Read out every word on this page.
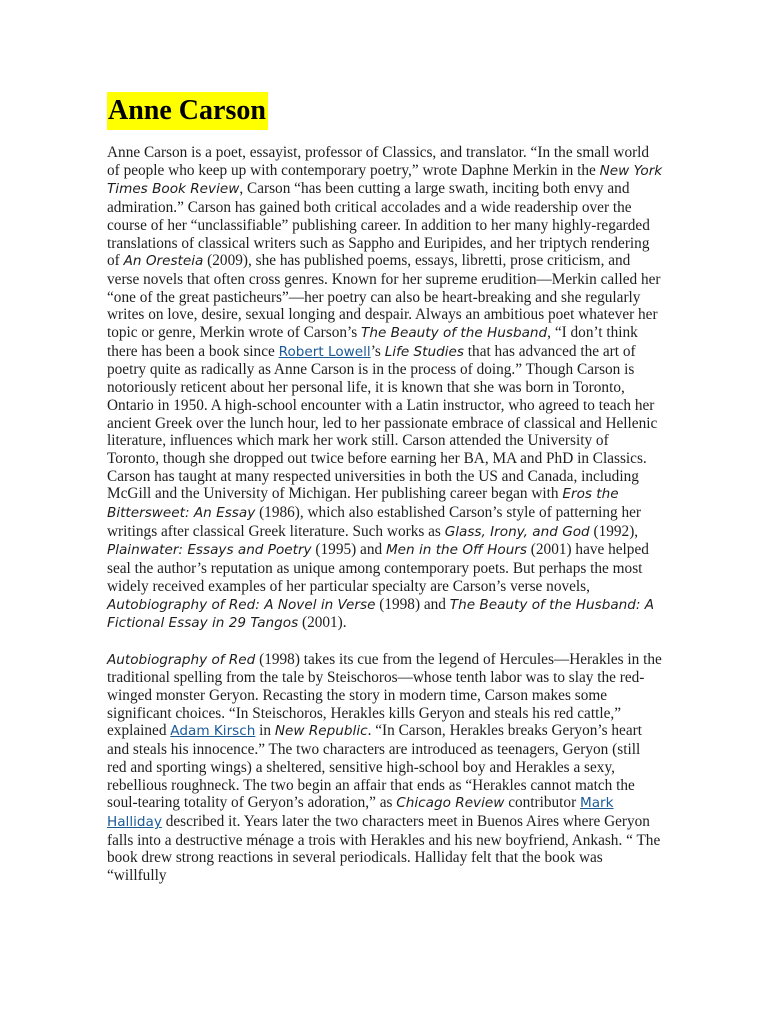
Anne Carson

Anne Carson is a poet, essayist, professor of Classics, and translator. “In the small world of people who keep up with contemporary poetry,” wrote Daphne Merkin in the New York Times Book Review, Carson “has been cutting a large swath, inciting both envy and admiration.” Carson has gained both critical accolades and a wide readership over the course of her “unclassifiable” publishing career. In addition to her many highly-regarded translations of classical writers such as Sappho and Euripides, and her triptych rendering of An Oresteia (2009), she has published poems, essays, libretti, prose criticism, and verse novels that often cross genres. Known for her supreme erudition—Merkin called her “one of the great pasticheurs”—her poetry can also be heart-breaking and she regularly writes on love, desire, sexual longing and despair. Always an ambitious poet whatever her topic or genre, Merkin wrote of Carson’s The Beauty of the Husband, “I don’t think there has been a book since Robert Lowell’s Life Studies that has advanced the art of poetry quite as radically as Anne Carson is in the process of doing.” Though Carson is notoriously reticent about her personal life, it is known that she was born in Toronto, Ontario in 1950. A high-school encounter with a Latin instructor, who agreed to teach her ancient Greek over the lunch hour, led to her passionate embrace of classical and Hellenic literature, influences which mark her work still. Carson attended the University of Toronto, though she dropped out twice before earning her BA, MA and PhD in Classics. Carson has taught at many respected universities in both the US and Canada, including McGill and the University of Michigan. Her publishing career began with Eros the Bittersweet: An Essay (1986), which also established Carson’s style of patterning her writings after classical Greek literature. Such works as Glass, Irony, and God (1992), Plainwater: Essays and Poetry (1995) and Men in the Off Hours (2001) have helped seal the author’s reputation as unique among contemporary poets. But perhaps the most widely received examples of her particular specialty are Carson’s verse novels, Autobiography of Red: A Novel in Verse (1998) and The Beauty of the Husband: A Fictional Essay in 29 Tangos (2001).

Autobiography of Red (1998) takes its cue from the legend of Hercules—Herakles in the traditional spelling from the tale by Steischoros—whose tenth labor was to slay the red-winged monster Geryon. Recasting the story in modern time, Carson makes some significant choices. “In Steischoros, Herakles kills Geryon and steals his red cattle,” explained Adam Kirsch in New Republic. “In Carson, Herakles breaks Geryon’s heart and steals his innocence.” The two characters are introduced as teenagers, Geryon (still red and sporting wings) a sheltered, sensitive high-school boy and Herakles a sexy, rebellious roughneck. The two begin an affair that ends as “Herakles cannot match the soul-tearing totality of Geryon’s adoration,” as Chicago Review contributor Mark Halliday described it. Years later the two characters meet in Buenos Aires where Geryon falls into a destructive ménage a trois with Herakles and his new boyfriend, Ankash. “ The book drew strong reactions in several periodicals. Halliday felt that the book was “willfully
